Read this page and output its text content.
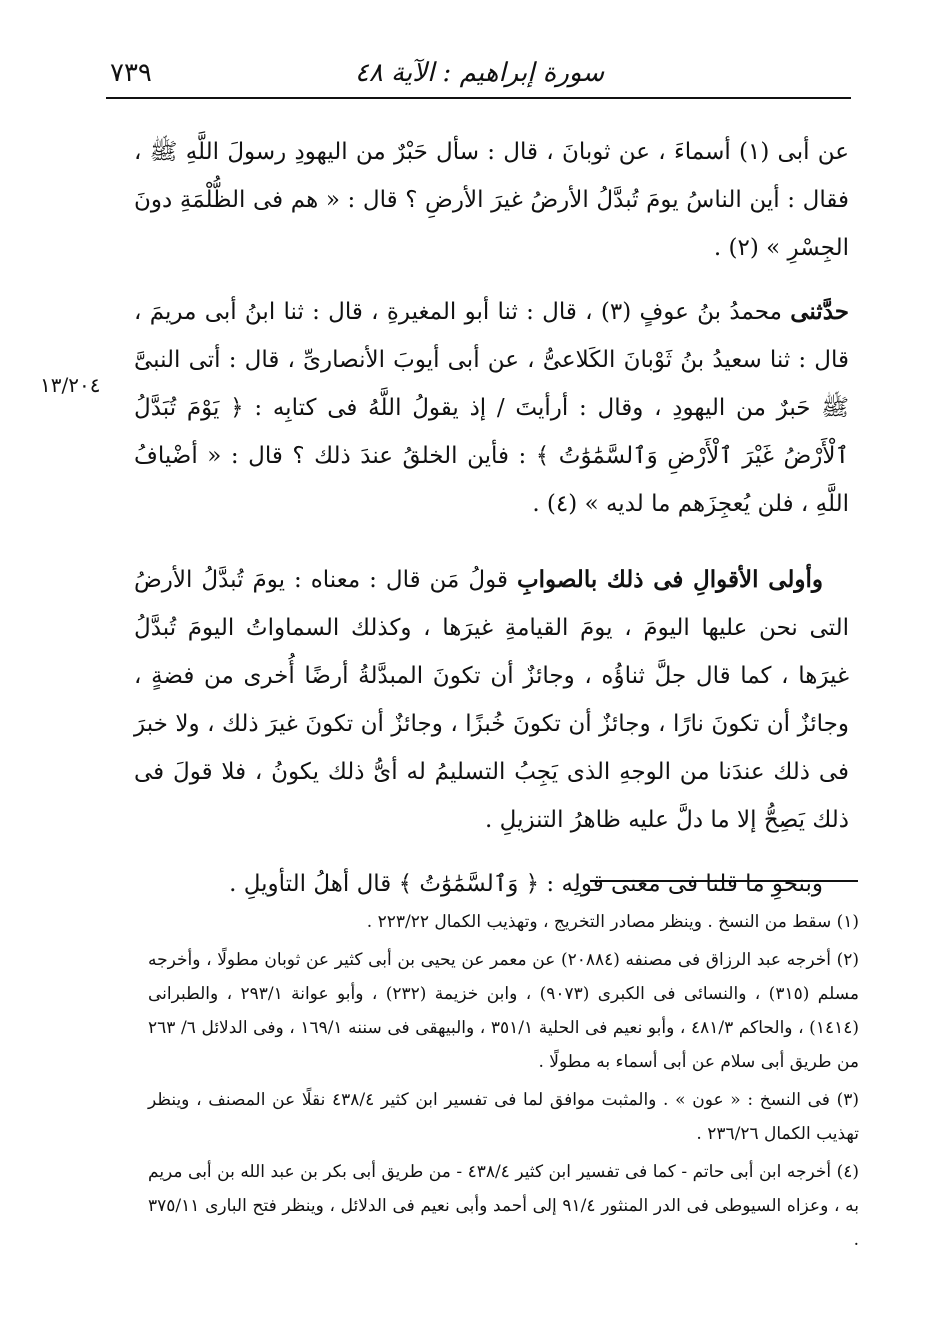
سورة إبراهيم : الآية ٤٨
٧٣٩
١٣/٢٠٤

عن أبى (١) أسماءَ ، عن ثوبانَ ، قال : سأل حَبْرٌ من اليهودِ رسولَ اللَّهِ ﷺ ، فقال : أين الناسُ يومَ تُبدَّلُ الأرضُ غيرَ الأرضِ ؟ قال : « هم فى الظُّلْمَةِ دونَ الجِسْرِ » (٢) .

حدَّثنى محمدُ بنُ عوفٍ (٣) ، قال : ثنا أبو المغيرةِ ، قال : ثنا ابنُ أبى مريمَ ، قال : ثنا سعيدُ بنُ ثَوْبانَ الكَلاعىُّ ، عن أبى أيوبَ الأنصارىِّ ، قال : أتى النبىَّ ﷺ حَبرٌ من اليهودِ ، وقال : أرأيتَ / إذ يقولُ اللَّهُ فى كتابِه : ﴿ يَوْمَ تُبَدَّلُ ٱلْأَرْضُ غَيْرَ ٱلْأَرْضِ وَٱلسَّمَٰوَٰتُ ﴾ : فأين الخلقُ عندَ ذلك ؟ قال : « أضْيافُ اللَّهِ ، فلن يُعجِزَهم ما لديه » (٤) .

وأولى الأقوالِ فى ذلك بالصوابِ قولُ مَن قال : معناه : يومَ تُبدَّلُ الأرضُ التى نحن عليها اليومَ ، يومَ القيامةِ غيرَها ، وكذلك السماواتُ اليومَ تُبدَّلُ غيرَها ، كما قال جلَّ ثناؤُه ، وجائزٌ أن تكونَ المبدَّلةُ أرضًا أُخرى من فضةٍ ، وجائزٌ أن تكونَ نارًا ، وجائزٌ أن تكونَ خُبزًا ، وجائزٌ أن تكونَ غيرَ ذلك ، ولا خبرَ فى ذلك عندَنا من الوجهِ الذى يَجِبُ التسليمُ له أىُّ ذلك يكونُ ، فلا قولَ فى ذلك يَصِحُّ إلا ما دلَّ عليه ظاهرُ التنزيلِ .

وبنحوِ ما قلنا فى معنى قولِه : ﴿ وَٱلسَّمَٰوَٰتُ ﴾ قال أهلُ التأويلِ .

(١) سقط من النسخ . وينظر مصادر التخريج ، وتهذيب الكمال ٢٢٣/٢٢ .

(٢) أخرجه عبد الرزاق فى مصنفه (٢٠٨٨٤) عن معمر عن يحيى بن أبى كثير عن ثوبان مطولًا ، وأخرجه مسلم (٣١٥) ، والنسائى فى الكبرى (٩٠٧٣) ، وابن خزيمة (٢٣٢) ، وأبو عوانة ٢٩٣/١ ، والطبرانى (١٤١٤) ، والحاكم ٤٨١/٣ ، وأبو نعيم فى الحلية ٣٥١/١ ، والبيهقى فى سننه ١٦٩/١ ، وفى الدلائل ٦/ ٢٦٣ من طريق أبى سلام عن أبى أسماء به مطولًا .

(٣) فى النسخ : « عون » . والمثبت موافق لما فى تفسير ابن كثير ٤٣٨/٤ نقلًا عن المصنف ، وينظر تهذيب الكمال ٢٣٦/٢٦ .

(٤) أخرجه ابن أبى حاتم - كما فى تفسير ابن كثير ٤٣٨/٤ - من طريق أبى بكر بن عبد الله بن أبى مريم به ، وعزاه السيوطى فى الدر المنثور ٩١/٤ إلى أحمد وأبى نعيم فى الدلائل ، وينظر فتح البارى ٣٧٥/١١ .
